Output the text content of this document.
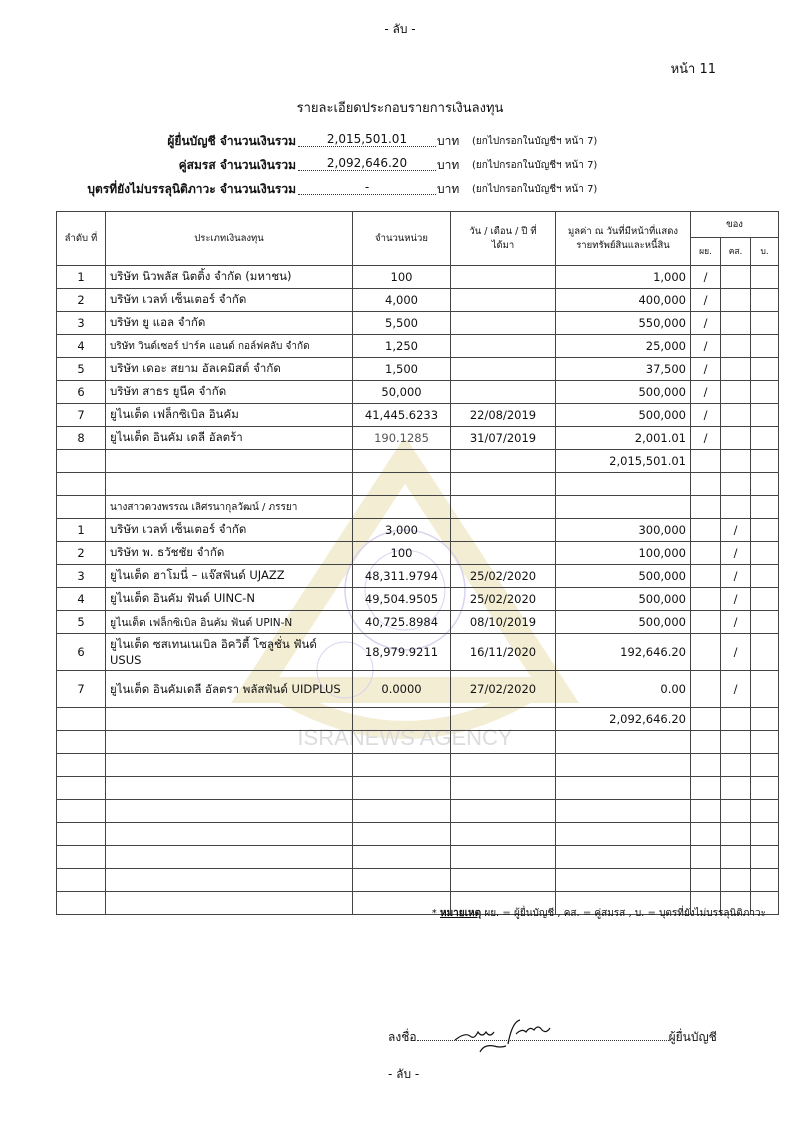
- ลับ -
หน้า 11
รายละเอียดประกอบรายการเงินลงทุน
ผู้ยื่นบัญชี จำนวนเงินรวม	2,015,501.01	บาท (ยกไปกรอกในบัญชีฯ หน้า 7)
คู่สมรส จำนวนเงินรวม	2,092,646.20	บาท (ยกไปกรอกในบัญชีฯ หน้า 7)
บุตรที่ยังไม่บรรลุนิติภาวะ จำนวนเงินรวม	-	บาท (ยกไปกรอกในบัญชีฯ หน้า 7)
ISRANEWS AGENCY
ลำดับ ที่	ประเภทเงินลงทุน	จำนวนหน่วย	วัน / เดือน / ปี ที่ได้มา	มูลค่า ณ วันที่มีหน้าที่แสดง รายทรัพย์สินและหนี้สิน	ของ		
					ผย.	คส.	บ.
1	บริษัท นิวพลัส นิตติ้ง จำกัด (มหาชน)	100		1,000	/		
2	บริษัท เวลท์ เซ็นเตอร์ จำกัด	4,000		400,000	/		
3	บริษัท ยู แอล จำกัด	5,500		550,000	/		
4	บริษัท วินด์เซอร์ ปาร์ค แอนด์ กอล์ฟคลับ จำกัด	1,250		25,000	/		
5	บริษัท เดอะ สยาม อัลเคมิสต์ จำกัด	1,500		37,500	/		
6	บริษัท สาธร ยูนีค จำกัด	50,000		500,000	/		
7	ยูไนเต็ด เฟล็กซิเบิล อินคัม	41,445.6233	22/08/2019	500,000	/		
8	ยูไนเต็ด อินคัม เดลี อัลตร้า	190.1285	31/07/2019	2,001.01	/		
				2,015,501.01			

	นางสาวดวงพรรณ เลิศรนากุลวัฒน์ / ภรรยา						
1	บริษัท เวลท์ เซ็นเตอร์ จำกัด	3,000		300,000		/	
2	บริษัท พ. ธวัชชัย จำกัด	100		100,000		/	
3	ยูไนเต็ด ฮาโมนี่ – แจ๊สฟันด์ UJAZZ	48,311.9794	25/02/2020	500,000		/	
4	ยูไนเต็ด อินคัม ฟันด์ UINC-N	49,504.9505	25/02/2020	500,000		/	
5	ยูไนเต็ด เฟล็กซิเบิล อินคัม ฟันด์ UPIN-N	40,725.8984	08/10/2019	500,000		/	
6	ยูไนเต็ด ซสเทนเนเบิล อิควิตี้ โซลูชั่น ฟันด์ USUS	18,979.9211	16/11/2020	192,646.20		/	
7	ยูไนเต็ด อินคัมเดลี อัลตรา พลัสฟันด์ UIDPLUS	0.0000	27/02/2020	0.00		/	
				2,092,646.20			

* หมายเหตุ ผย. = ผู้ยื่นบัญชี , คส. = คู่สมรส , บ. = บุตรที่ยังไม่บรรลุนิติภาวะ
ลงชื่อ	ผู้ยื่นบัญชี
- ลับ -
